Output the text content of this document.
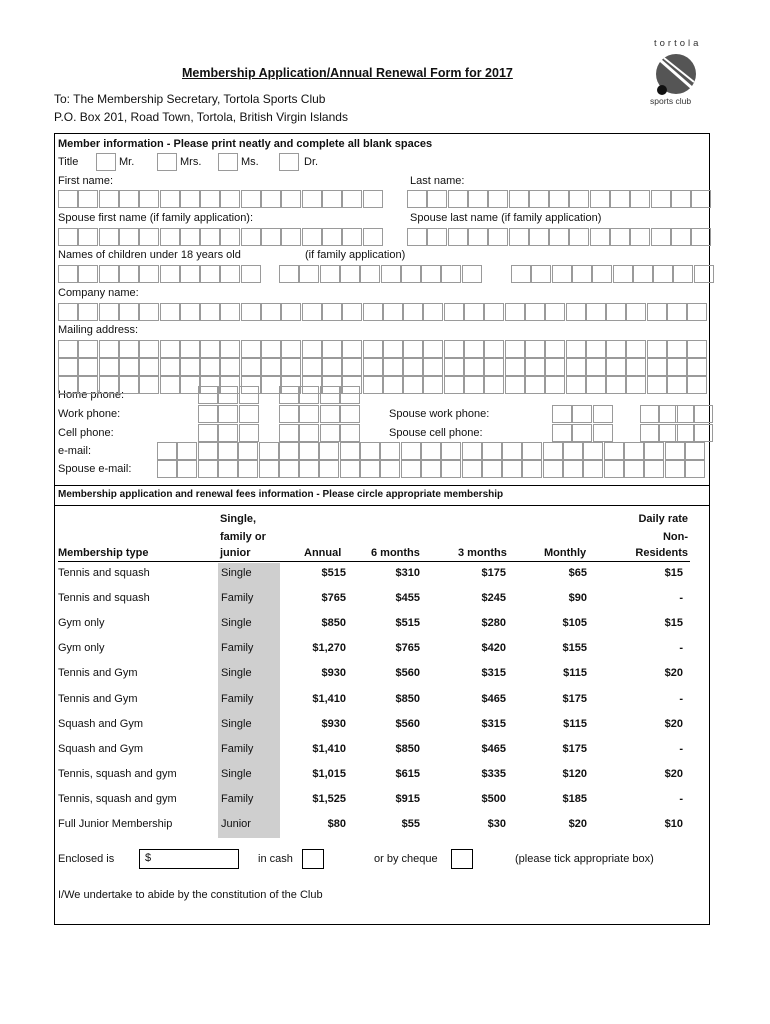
Membership Application/Annual Renewal Form for 2017
To: The Membership Secretary, Tortola Sports Club
P.O. Box 201, Road Town, Tortola, British Virgin Islands
tortola
sports club
Member information - Please print neatly and complete all blank spaces
Title	Mr.	Mrs.	Ms.	Dr.
First name:	Last name:
Spouse first name (if family application):	Spouse last name (if family application)
Names of children under 18 years old	(if family application)
Company name:
Mailing address:
Home phone:
Work phone:
Cell phone:
e-mail:
Spouse e-mail:
Spouse work phone:
Spouse cell phone:
Membership application and renewal fees information - Please circle appropriate membership
Single,
family or
junior
Membership type	Annual	6 months	3 months	Monthly
Daily rate
Non-
Residents
Tennis and squash	Single	$515	$310	$175	$65	$15
Tennis and squash	Family	$765	$455	$245	$90	-
Gym only	Single	$850	$515	$280	$105	$15
Gym only	Family	$1,270	$765	$420	$155	-
Tennis and Gym	Single	$930	$560	$315	$115	$20
Tennis and Gym	Family	$1,410	$850	$465	$175	-
Squash and Gym	Single	$930	$560	$315	$115	$20
Squash and Gym	Family	$1,410	$850	$465	$175	-
Tennis, squash and gym	Single	$1,015	$615	$335	$120	$20
Tennis, squash and gym	Family	$1,525	$915	$500	$185	-
Full Junior Membership	Junior	$80	$55	$30	$20	$10
Enclosed is	$	in cash	or by cheque	(please tick appropriate box)
I/We undertake to abide by the constitution of the Club
